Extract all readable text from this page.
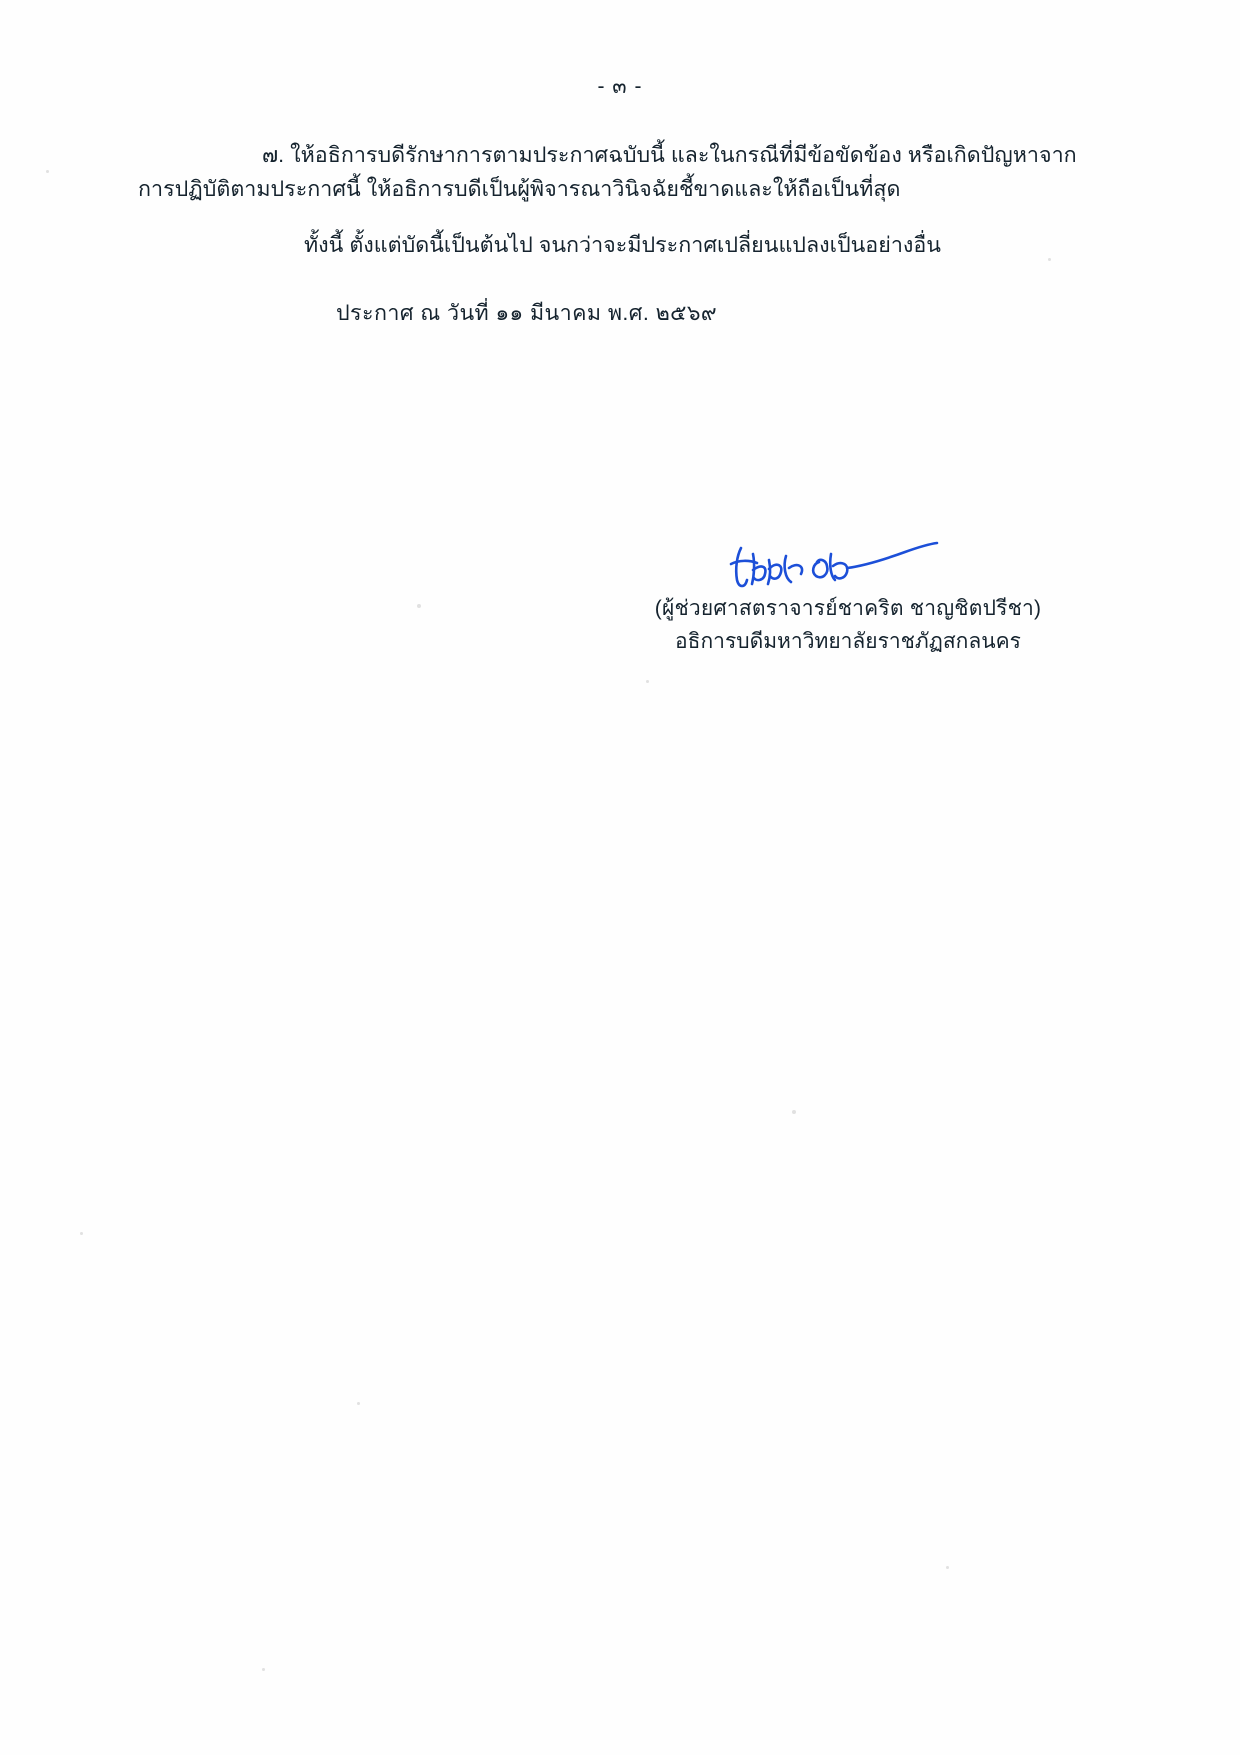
- ๓ -

๗. ให้อธิการบดีรักษาการตามประกาศฉบับนี้ และในกรณีที่มีข้อขัดข้อง หรือเกิดปัญหาจาก
การปฏิบัติตามประกาศนี้ ให้อธิการบดีเป็นผู้พิจารณาวินิจฉัยชี้ขาดและให้ถือเป็นที่สุด

ทั้งนี้ ตั้งแต่บัดนี้เป็นต้นไป จนกว่าจะมีประกาศเปลี่ยนแปลงเป็นอย่างอื่น

ประกาศ ณ วันที่ ๑๑ มีนาคม พ.ศ. ๒๕๖๙

(ผู้ช่วยศาสตราจารย์ชาคริต ชาญชิตปรีชา)
อธิการบดีมหาวิทยาลัยราชภัฏสกลนคร
